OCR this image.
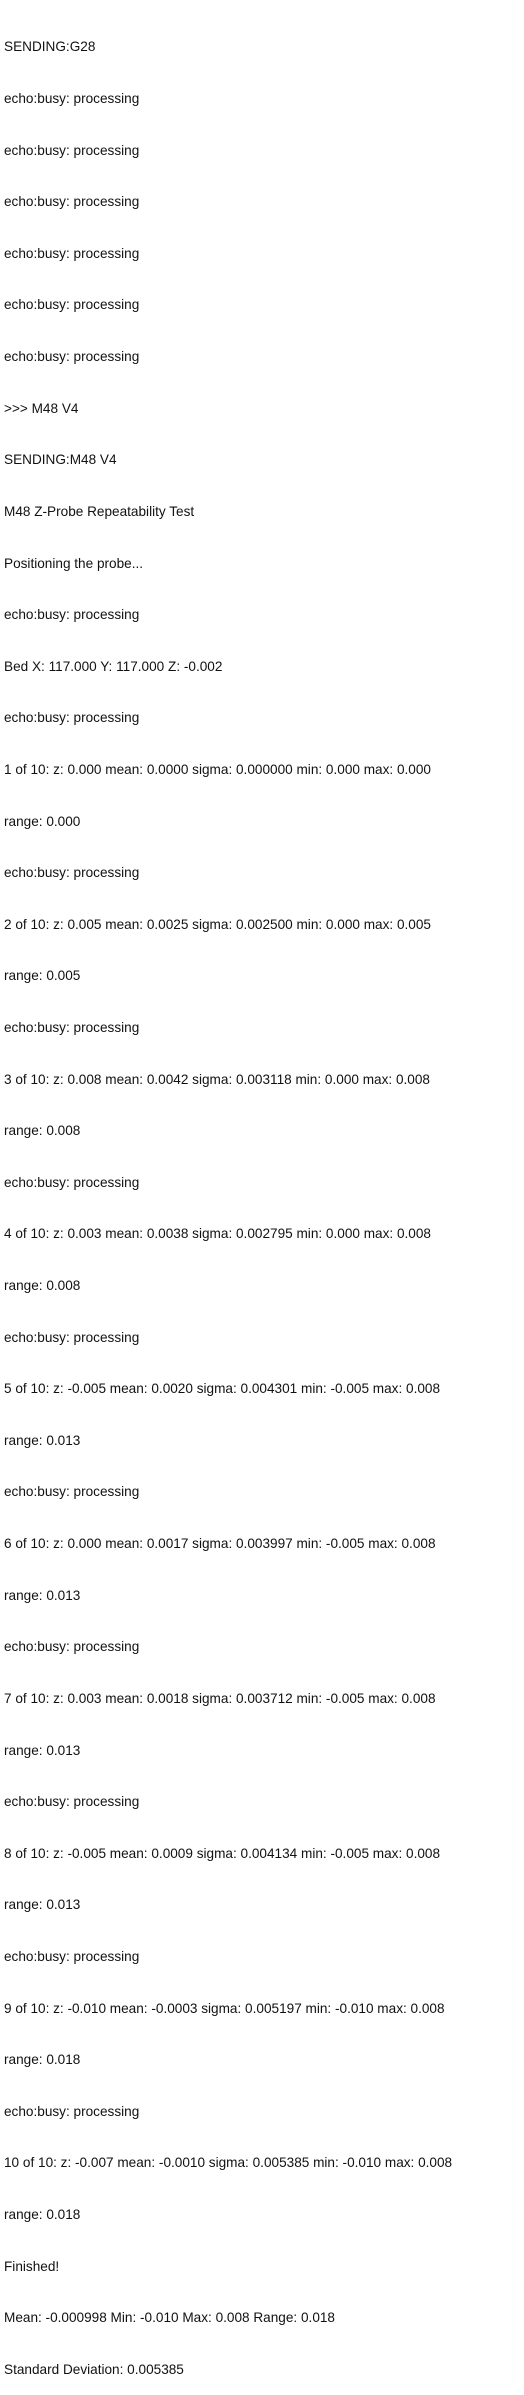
SENDING:G28

echo:busy: processing

echo:busy: processing

echo:busy: processing

echo:busy: processing

echo:busy: processing

echo:busy: processing

>>> M48 V4

SENDING:M48 V4

M48 Z-Probe Repeatability Test

Positioning the probe...

echo:busy: processing

Bed X: 117.000 Y: 117.000 Z: -0.002

echo:busy: processing

1 of 10: z: 0.000 mean: 0.0000 sigma: 0.000000 min: 0.000 max: 0.000

range: 0.000

echo:busy: processing

2 of 10: z: 0.005 mean: 0.0025 sigma: 0.002500 min: 0.000 max: 0.005

range: 0.005

echo:busy: processing

3 of 10: z: 0.008 mean: 0.0042 sigma: 0.003118 min: 0.000 max: 0.008

range: 0.008

echo:busy: processing

4 of 10: z: 0.003 mean: 0.0038 sigma: 0.002795 min: 0.000 max: 0.008

range: 0.008

echo:busy: processing

5 of 10: z: -0.005 mean: 0.0020 sigma: 0.004301 min: -0.005 max: 0.008

range: 0.013

echo:busy: processing

6 of 10: z: 0.000 mean: 0.0017 sigma: 0.003997 min: -0.005 max: 0.008

range: 0.013

echo:busy: processing

7 of 10: z: 0.003 mean: 0.0018 sigma: 0.003712 min: -0.005 max: 0.008

range: 0.013

echo:busy: processing

8 of 10: z: -0.005 mean: 0.0009 sigma: 0.004134 min: -0.005 max: 0.008

range: 0.013

echo:busy: processing

9 of 10: z: -0.010 mean: -0.0003 sigma: 0.005197 min: -0.010 max: 0.008

range: 0.018

echo:busy: processing

10 of 10: z: -0.007 mean: -0.0010 sigma: 0.005385 min: -0.010 max: 0.008

range: 0.018

Finished!

Mean: -0.000998 Min: -0.010 Max: 0.008 Range: 0.018

Standard Deviation: 0.005385
